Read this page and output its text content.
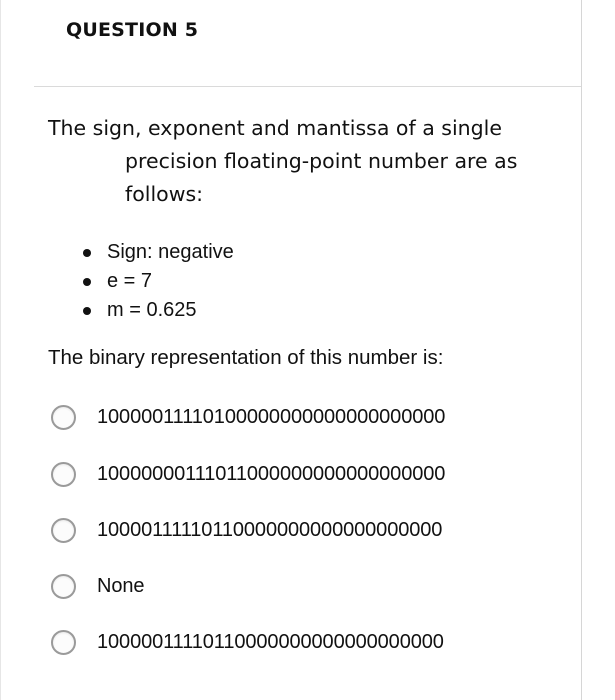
QUESTION 5
The sign, exponent and mantissa of a single
precision floating-point number are as
follows:
Sign: negative
e = 7
m = 0.625
The binary representation of this number is:
10000011110100000000000000000000
10000000111011000000000000000000
10000111110110000000000000000000
None
10000011110110000000000000000000
